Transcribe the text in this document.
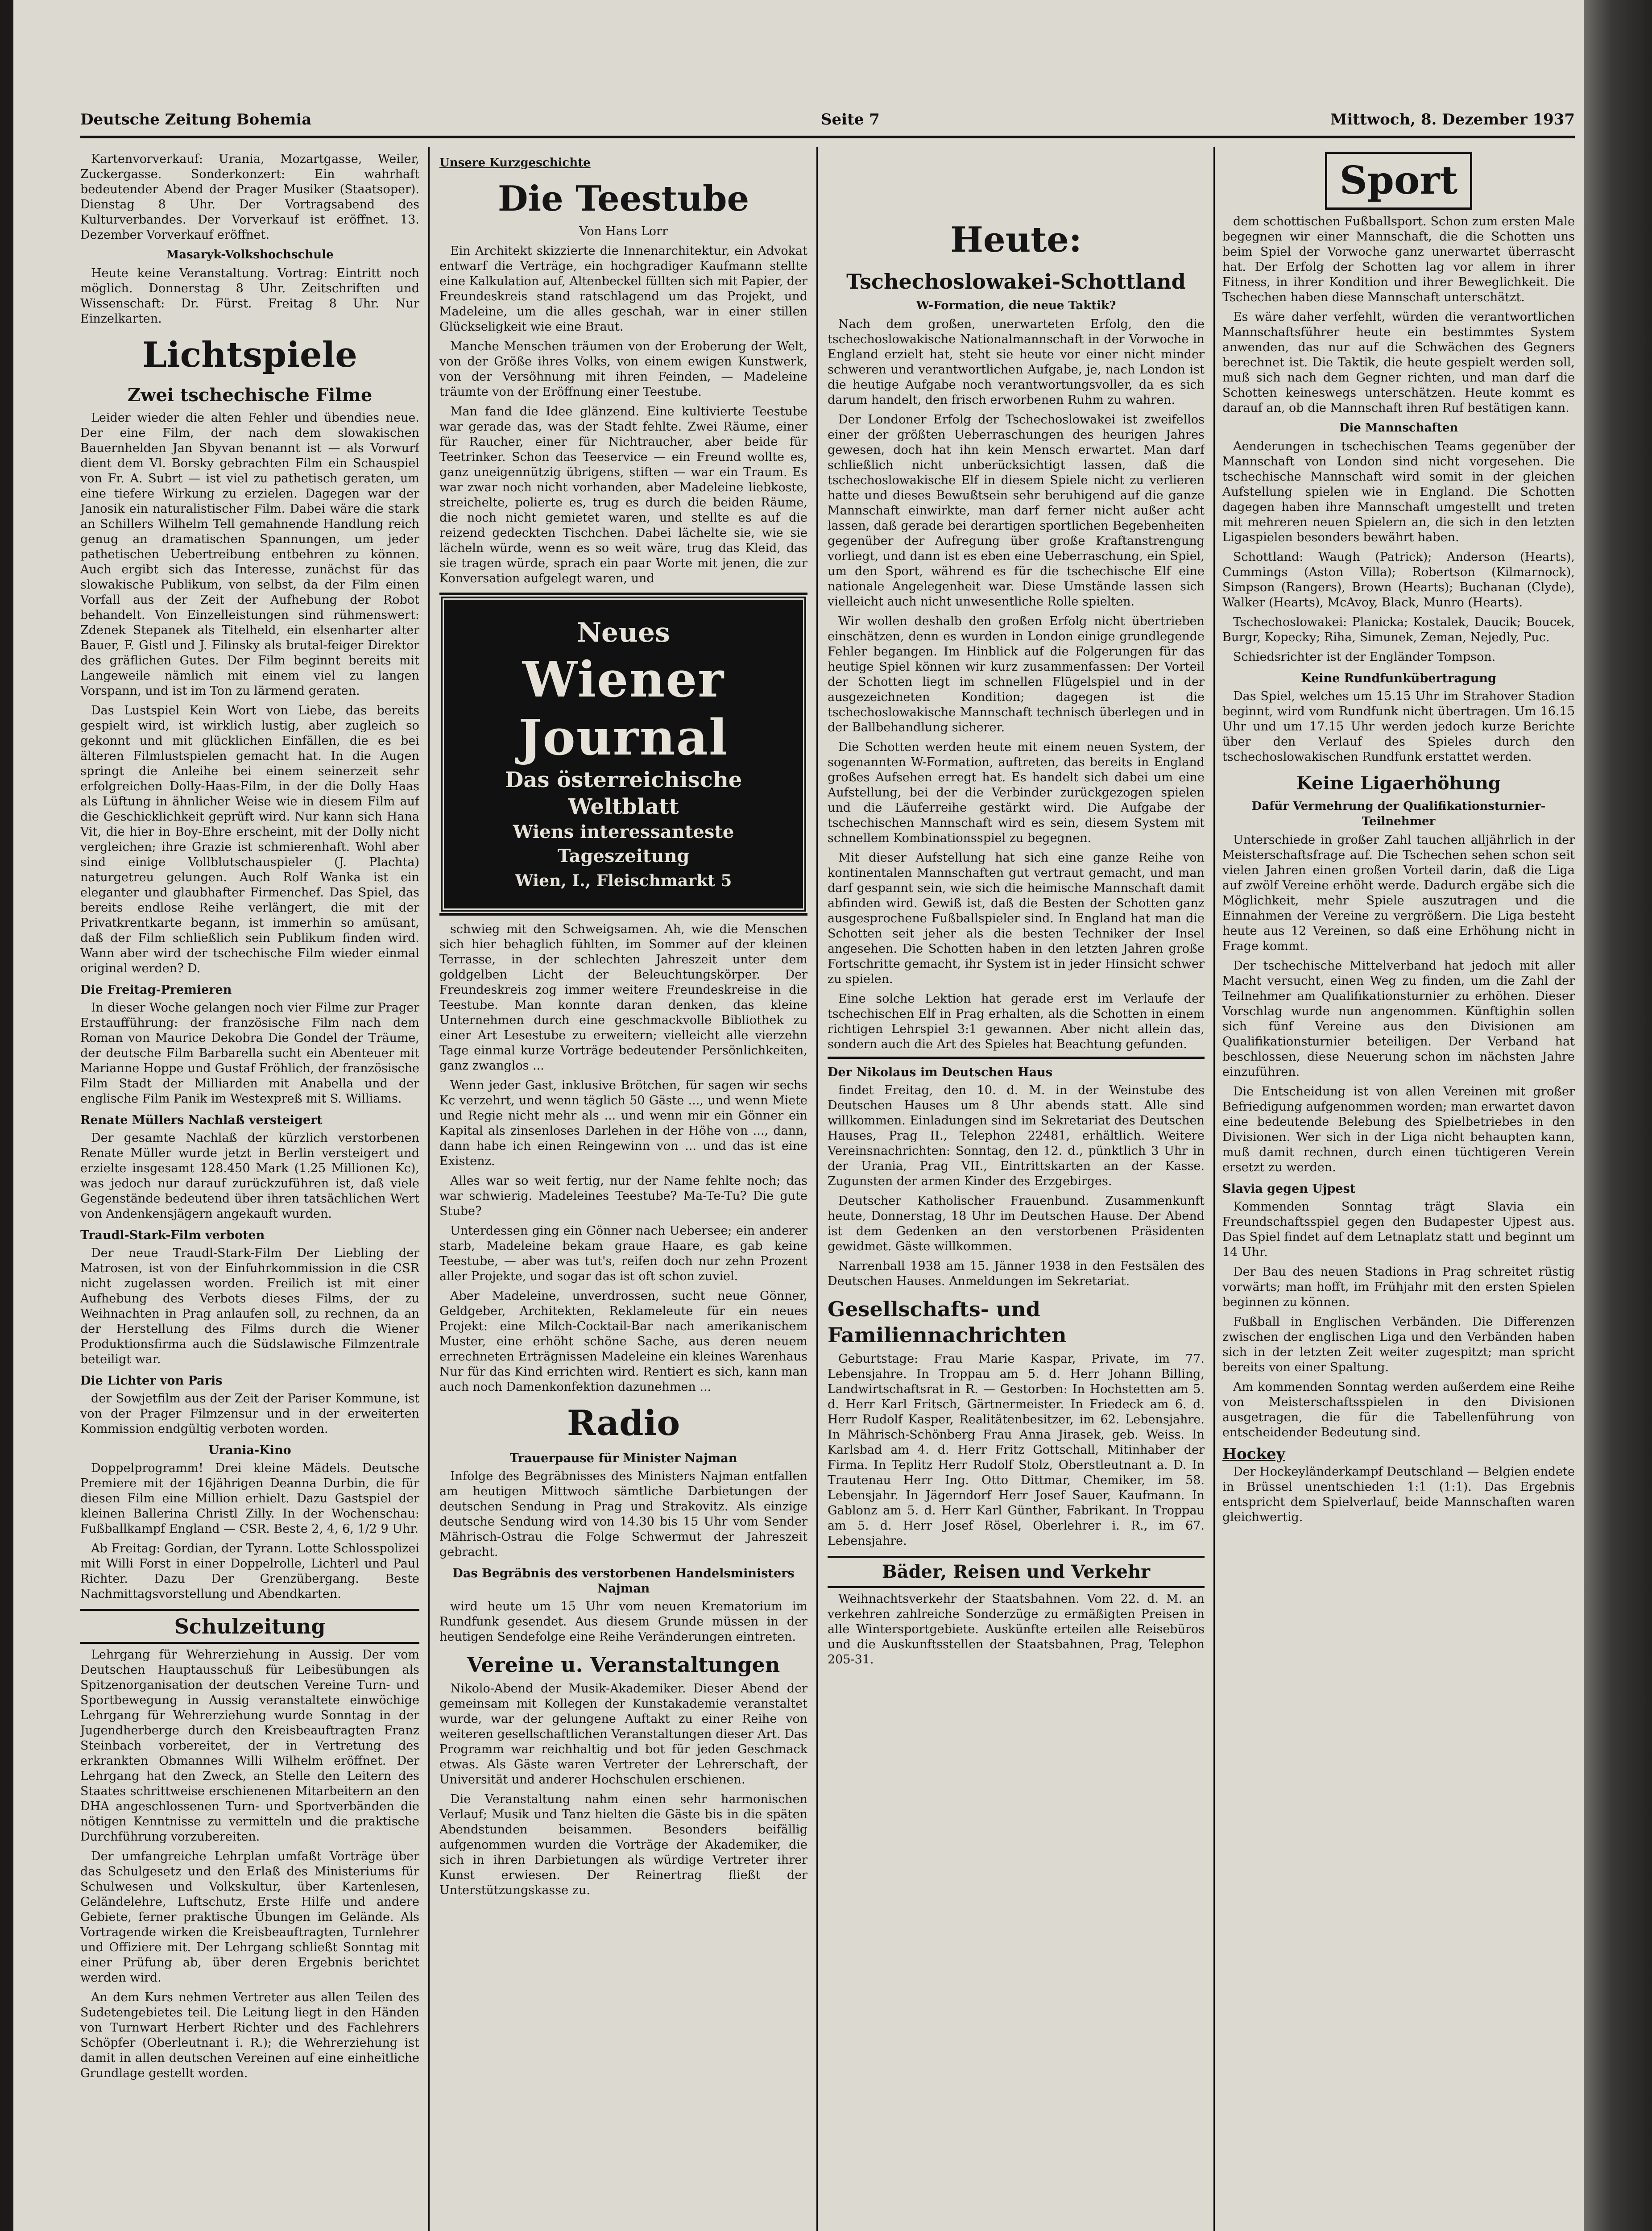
Deutsche Zeitung Bohemia	Seite 7	Mittwoch, 8. Dezember 1937

Kartenvorverkauf: Urania, Mozartgasse, Weiler, Zuckergasse. Sonderkonzert: Ein wahrhaft bedeutender Abend der Prager Musiker (Staatsoper). Dienstag 8 Uhr. Der Vortragsabend des Kulturverbandes. Der Vorverkauf ist eröffnet. 13. Dezember Vorverkauf eröffnet.

Masaryk-Volkshochschule

Heute keine Veranstaltung. Vortrag: Eintritt noch möglich. Donnerstag 8 Uhr. Zeitschriften und Wissenschaft: Dr. Fürst. Freitag 8 Uhr. Nur Einzelkarten.

Lichtspiele
Zwei tschechische Filme

Leider wieder die alten Fehler und übendies neue. Der eine Film, der nach dem slowakischen Bauernhelden Jan Sbyvan benannt ist — als Vorwurf dient dem Vl. Borsky gebrachten Film ein Schauspiel von Fr. A. Subrt — ist viel zu pathetisch geraten, um eine tiefere Wirkung zu erzielen. Dagegen war der Janosik ein naturalistischer Film. Dabei wäre die stark an Schillers Wilhelm Tell gemahnende Handlung reich genug an dramatischen Spannungen, um jeder pathetischen Uebertreibung entbehren zu können. Auch ergibt sich das Interesse, zunächst für das slowakische Publikum, von selbst, da der Film einen Vorfall aus der Zeit der Aufhebung der Robot behandelt. Von Einzelleistungen sind rühmenswert: Zdenek Stepanek als Titelheld, ein elsenharter alter Bauer, F. Gistl und J. Filinsky als brutal-feiger Direktor des gräflichen Gutes. Der Film beginnt bereits mit Langeweile nämlich mit einem viel zu langen Vorspann, und ist im Ton zu lärmend geraten.

Das Lustspiel Kein Wort von Liebe, das bereits gespielt wird, ist wirklich lustig, aber zugleich so gekonnt und mit glücklichen Einfällen, die es bei älteren Filmlustspielen gemacht hat. In die Augen springt die Anleihe bei einem seinerzeit sehr erfolgreichen Dolly-Haas-Film, in der die Dolly Haas als Lüftung in ähnlicher Weise wie in diesem Film auf die Geschicklichkeit geprüft wird. Nur kann sich Hana Vit, die hier in Boy-Ehre erscheint, mit der Dolly nicht vergleichen; ihre Grazie ist schmierenhaft. Wohl aber sind einige Vollblutschauspieler (J. Plachta) naturgetreu gelungen. Auch Rolf Wanka ist ein eleganter und glaubhafter Firmenchef. Das Spiel, das bereits endlose Reihe verlängert, die mit der Privatkrentkarte begann, ist immerhin so amüsant, daß der Film schließlich sein Publikum finden wird. Wann aber wird der tschechische Film wieder einmal original werden? D.

Die Freitag-Premieren

In dieser Woche gelangen noch vier Filme zur Prager Erstaufführung: der französische Film nach dem Roman von Maurice Dekobra Die Gondel der Träume, der deutsche Film Barbarella sucht ein Abenteuer mit Marianne Hoppe und Gustaf Fröhlich, der französische Film Stadt der Milliarden mit Anabella und der englische Film Panik im Westexpreß mit S. Williams.

Renate Müllers Nachlaß versteigert

Der gesamte Nachlaß der kürzlich verstorbenen Renate Müller wurde jetzt in Berlin versteigert und erzielte insgesamt 128.450 Mark (1.25 Millionen Kc), was jedoch nur darauf zurückzuführen ist, daß viele Gegenstände bedeutend über ihren tatsächlichen Wert von Andenkensjägern angekauft wurden.

Traudl-Stark-Film verboten

Der neue Traudl-Stark-Film Der Liebling der Matrosen, ist von der Einfuhrkommission in die CSR nicht zugelassen worden. Freilich ist mit einer Aufhebung des Verbots dieses Films, der zu Weihnachten in Prag anlaufen soll, zu rechnen, da an der Herstellung des Films durch die Wiener Produktionsfirma auch die Südslawische Filmzentrale beteiligt war.

Die Lichter von Paris

der Sowjetfilm aus der Zeit der Pariser Kommune, ist von der Prager Filmzensur und in der erweiterten Kommission endgültig verboten worden.

Urania-Kino

Doppelprogramm! Drei kleine Mädels. Deutsche Premiere mit der 16jährigen Deanna Durbin, die für diesen Film eine Million erhielt. Dazu Gastspiel der kleinen Ballerina Christl Zilly. In der Wochenschau: Fußballkampf England — CSR. Beste 2, 4, 6, 1/2 9 Uhr.

Ab Freitag: Gordian, der Tyrann. Lotte Schlosspolizei mit Willi Forst in einer Doppelrolle, Lichterl und Paul Richter. Dazu Der Grenzübergang. Beste Nachmittagsvorstellung und Abendkarten.

Schulzeitung

Lehrgang für Wehrerziehung in Aussig. Der vom Deutschen Hauptausschuß für Leibesübungen als Spitzenorganisation der deutschen Vereine Turn- und Sportbewegung in Aussig veranstaltete einwöchige Lehrgang für Wehrerziehung wurde Sonntag in der Jugendherberge durch den Kreisbeauftragten Franz Steinbach vorbereitet, der in Vertretung des erkrankten Obmannes Willi Wilhelm eröffnet. Der Lehrgang hat den Zweck, an Stelle den Leitern des Staates schrittweise erschienenen Mitarbeitern an den DHA angeschlossenen Turn- und Sportverbänden die nötigen Kenntnisse zu vermitteln und die praktische Durchführung vorzubereiten.

Der umfangreiche Lehrplan umfaßt Vorträge über das Schulgesetz und den Erlaß des Ministeriums für Schulwesen und Volkskultur, über Kartenlesen, Geländelehre, Luftschutz, Erste Hilfe und andere Gebiete, ferner praktische Übungen im Gelände. Als Vortragende wirken die Kreisbeauftragten, Turnlehrer und Offiziere mit. Der Lehrgang schließt Sonntag mit einer Prüfung ab, über deren Ergebnis berichtet werden wird.

An dem Kurs nehmen Vertreter aus allen Teilen des Sudetengebietes teil. Die Leitung liegt in den Händen von Turnwart Herbert Richter und des Fachlehrers Schöpfer (Oberleutnant i. R.); die Wehrerziehung ist damit in allen deutschen Vereinen auf eine einheitliche Grundlage gestellt worden.

Unsere Kurzgeschichte
Die Teestube

Von Hans Lorr

Ein Architekt skizzierte die Innenarchitektur, ein Advokat entwarf die Verträge, ein hochgradiger Kaufmann stellte eine Kalkulation auf, Altenbeckel füllten sich mit Papier, der Freundeskreis stand ratschlagend um das Projekt, und Madeleine, um die alles geschah, war in einer stillen Glückseligkeit wie eine Braut.

Manche Menschen träumen von der Eroberung der Welt, von der Größe ihres Volks, von einem ewigen Kunstwerk, von der Versöhnung mit ihren Feinden, — Madeleine träumte von der Eröffnung einer Teestube.

Man fand die Idee glänzend. Eine kultivierte Teestube war gerade das, was der Stadt fehlte. Zwei Räume, einer für Raucher, einer für Nichtraucher, aber beide für Teetrinker. Schon das Teeservice — ein Freund wollte es, ganz uneigennützig übrigens, stiften — war ein Traum. Es war zwar noch nicht vorhanden, aber Madeleine liebkoste, streichelte, polierte es, trug es durch die beiden Räume, die noch nicht gemietet waren, und stellte es auf die reizend gedeckten Tischchen. Dabei lächelte sie, wie sie lächeln würde, wenn es so weit wäre, trug das Kleid, das sie tragen würde, sprach ein paar Worte mit jenen, die zur Konversation aufgelegt waren, und

Neues
Wiener Journal
Das österreichische Weltblatt
Wiens interessanteste Tageszeitung
Wien, I., Fleischmarkt 5

schwieg mit den Schweigsamen. Ah, wie die Menschen sich hier behaglich fühlten, im Sommer auf der kleinen Terrasse, in der schlechten Jahreszeit unter dem goldgelben Licht der Beleuchtungskörper. Der Freundeskreis zog immer weitere Freundeskreise in die Teestube. Man konnte daran denken, das kleine Unternehmen durch eine geschmackvolle Bibliothek zu einer Art Lesestube zu erweitern; vielleicht alle vierzehn Tage einmal kurze Vorträge bedeutender Persönlichkeiten, ganz zwanglos ...

Wenn jeder Gast, inklusive Brötchen, für sagen wir sechs Kc verzehrt, und wenn täglich 50 Gäste ..., und wenn Miete und Regie nicht mehr als ... und wenn mir ein Gönner ein Kapital als zinsenloses Darlehen in der Höhe von ..., dann, dann habe ich einen Reingewinn von ... und das ist eine Existenz.

Alles war so weit fertig, nur der Name fehlte noch; das war schwierig. Madeleines Teestube? Ma-Te-Tu? Die gute Stube?

Unterdessen ging ein Gönner nach Uebersee; ein anderer starb, Madeleine bekam graue Haare, es gab keine Teestube, — aber was tut's, reifen doch nur zehn Prozent aller Projekte, und sogar das ist oft schon zuviel.

Aber Madeleine, unverdrossen, sucht neue Gönner, Geldgeber, Architekten, Reklameleute für ein neues Projekt: eine Milch-Cocktail-Bar nach amerikanischem Muster, eine erhöht schöne Sache, aus deren neuem errechneten Erträgnissen Madeleine ein kleines Warenhaus Nur für das Kind errichten wird. Rentiert es sich, kann man auch noch Damenkonfektion dazunehmen ...

Radio
Trauerpause für Minister Najman

Infolge des Begräbnisses des Ministers Najman entfallen am heutigen Mittwoch sämtliche Darbietungen der deutschen Sendung in Prag und Strakovitz. Als einzige deutsche Sendung wird von 14.30 bis 15 Uhr vom Sender Mährisch-Ostrau die Folge Schwermut der Jahreszeit gebracht.

Das Begräbnis des verstorbenen Handelsministers Najman

wird heute um 15 Uhr vom neuen Krematorium im Rundfunk gesendet. Aus diesem Grunde müssen in der heutigen Sendefolge eine Reihe Veränderungen eintreten.

Vereine u. Veranstaltungen

Nikolo-Abend der Musik-Akademiker. Dieser Abend der gemeinsam mit Kollegen der Kunstakademie veranstaltet wurde, war der gelungene Auftakt zu einer Reihe von weiteren gesellschaftlichen Veranstaltungen dieser Art. Das Programm war reichhaltig und bot für jeden Geschmack etwas. Als Gäste waren Vertreter der Lehrerschaft, der Universität und anderer Hochschulen erschienen.

Die Veranstaltung nahm einen sehr harmonischen Verlauf; Musik und Tanz hielten die Gäste bis in die späten Abendstunden beisammen. Besonders beifällig aufgenommen wurden die Vorträge der Akademiker, die sich in ihren Darbietungen als würdige Vertreter ihrer Kunst erwiesen. Der Reinertrag fließt der Unterstützungskasse zu.

Heute:
Tschechoslowakei-Schottland
W-Formation, die neue Taktik?

Nach dem großen, unerwarteten Erfolg, den die tschechoslowakische Nationalmannschaft in der Vorwoche in England erzielt hat, steht sie heute vor einer nicht minder schweren und verantwortlichen Aufgabe, je, nach London ist die heutige Aufgabe noch verantwortungsvoller, da es sich darum handelt, den frisch erworbenen Ruhm zu wahren.

Der Londoner Erfolg der Tschechoslowakei ist zweifellos einer der größten Ueberraschungen des heurigen Jahres gewesen, doch hat ihn kein Mensch erwartet. Man darf schließlich nicht unberücksichtigt lassen, daß die tschechoslowakische Elf in diesem Spiele nicht zu verlieren hatte und dieses Bewußtsein sehr beruhigend auf die ganze Mannschaft einwirkte, man darf ferner nicht außer acht lassen, daß gerade bei derartigen sportlichen Begebenheiten gegenüber der Aufregung über große Kraftanstrengung vorliegt, und dann ist es eben eine Ueberraschung, ein Spiel, um den Sport, während es für die tschechische Elf eine nationale Angelegenheit war. Diese Umstände lassen sich vielleicht auch nicht unwesentliche Rolle spielten.

Wir wollen deshalb den großen Erfolg nicht übertrieben einschätzen, denn es wurden in London einige grundlegende Fehler begangen. Im Hinblick auf die Folgerungen für das heutige Spiel können wir kurz zusammenfassen: Der Vorteil der Schotten liegt im schnellen Flügelspiel und in der ausgezeichneten Kondition; dagegen ist die tschechoslowakische Mannschaft technisch überlegen und in der Ballbehandlung sicherer.

Die Schotten werden heute mit einem neuen System, der sogenannten W-Formation, auftreten, das bereits in England großes Aufsehen erregt hat. Es handelt sich dabei um eine Aufstellung, bei der die Verbinder zurückgezogen spielen und die Läuferreihe gestärkt wird. Die Aufgabe der tschechischen Mannschaft wird es sein, diesem System mit schnellem Kombinationsspiel zu begegnen.

Mit dieser Aufstellung hat sich eine ganze Reihe von kontinentalen Mannschaften gut vertraut gemacht, und man darf gespannt sein, wie sich die heimische Mannschaft damit abfinden wird. Gewiß ist, daß die Besten der Schotten ganz ausgesprochene Fußballspieler sind. In England hat man die Schotten seit jeher als die besten Techniker der Insel angesehen. Die Schotten haben in den letzten Jahren große Fortschritte gemacht, ihr System ist in jeder Hinsicht schwer zu spielen.

Eine solche Lektion hat gerade erst im Verlaufe der tschechischen Elf in Prag erhalten, als die Schotten in einem richtigen Lehrspiel 3:1 gewannen. Aber nicht allein das, sondern auch die Art des Spieles hat Beachtung gefunden.

Der Nikolaus im Deutschen Haus

findet Freitag, den 10. d. M. in der Weinstube des Deutschen Hauses um 8 Uhr abends statt. Alle sind willkommen. Einladungen sind im Sekretariat des Deutschen Hauses, Prag II., Telephon 22481, erhältlich. Weitere Vereinsnachrichten: Sonntag, den 12. d., pünktlich 3 Uhr in der Urania, Prag VII., Eintrittskarten an der Kasse. Zugunsten der armen Kinder des Erzgebirges.

Deutscher Katholischer Frauenbund. Zusammenkunft heute, Donnerstag, 18 Uhr im Deutschen Hause. Der Abend ist dem Gedenken an den verstorbenen Präsidenten gewidmet. Gäste willkommen.

Narrenball 1938 am 15. Jänner 1938 in den Festsälen des Deutschen Hauses. Anmeldungen im Sekretariat.

Gesellschafts- und Familiennachrichten

Geburtstage: Frau Marie Kaspar, Private, im 77. Lebensjahre. In Troppau am 5. d. Herr Johann Billing, Landwirtschaftsrat in R. — Gestorben: In Hochstetten am 5. d. Herr Karl Fritsch, Gärtnermeister. In Friedeck am 6. d. Herr Rudolf Kasper, Realitätenbesitzer, im 62. Lebensjahre. In Mährisch-Schönberg Frau Anna Jirasek, geb. Weiss. In Karlsbad am 4. d. Herr Fritz Gottschall, Mitinhaber der Firma. In Teplitz Herr Rudolf Stolz, Oberstleutnant a. D. In Trautenau Herr Ing. Otto Dittmar, Chemiker, im 58. Lebensjahr. In Jägerndorf Herr Josef Sauer, Kaufmann. In Gablonz am 5. d. Herr Karl Günther, Fabrikant. In Troppau am 5. d. Herr Josef Rösel, Oberlehrer i. R., im 67. Lebensjahre.

Bäder, Reisen und Verkehr

Weihnachtsverkehr der Staatsbahnen. Vom 22. d. M. an verkehren zahlreiche Sonderzüge zu ermäßigten Preisen in alle Wintersportgebiete. Auskünfte erteilen alle Reisebüros und die Auskunftsstellen der Staatsbahnen, Prag, Telephon 205-31.

Sport

dem schottischen Fußballsport. Schon zum ersten Male begegnen wir einer Mannschaft, die die Schotten uns beim Spiel der Vorwoche ganz unerwartet überrascht hat. Der Erfolg der Schotten lag vor allem in ihrer Fitness, in ihrer Kondition und ihrer Beweglichkeit. Die Tschechen haben diese Mannschaft unterschätzt.

Es wäre daher verfehlt, würden die verantwortlichen Mannschaftsführer heute ein bestimmtes System anwenden, das nur auf die Schwächen des Gegners berechnet ist. Die Taktik, die heute gespielt werden soll, muß sich nach dem Gegner richten, und man darf die Schotten keineswegs unterschätzen. Heute kommt es darauf an, ob die Mannschaft ihren Ruf bestätigen kann.

Die Mannschaften

Aenderungen in tschechischen Teams gegenüber der Mannschaft von London sind nicht vorgesehen. Die tschechische Mannschaft wird somit in der gleichen Aufstellung spielen wie in England. Die Schotten dagegen haben ihre Mannschaft umgestellt und treten mit mehreren neuen Spielern an, die sich in den letzten Ligaspielen besonders bewährt haben.

Schottland: Waugh (Patrick); Anderson (Hearts), Cummings (Aston Villa); Robertson (Kilmarnock), Simpson (Rangers), Brown (Hearts); Buchanan (Clyde), Walker (Hearts), McAvoy, Black, Munro (Hearts).

Tschechoslowakei: Planicka; Kostalek, Daucik; Boucek, Burgr, Kopecky; Riha, Simunek, Zeman, Nejedly, Puc.

Schiedsrichter ist der Engländer Tompson.

Keine Rundfunkübertragung

Das Spiel, welches um 15.15 Uhr im Strahover Stadion beginnt, wird vom Rundfunk nicht übertragen. Um 16.15 Uhr und um 17.15 Uhr werden jedoch kurze Berichte über den Verlauf des Spieles durch den tschechoslowakischen Rundfunk erstattet werden.

Keine Ligaerhöhung
Dafür Vermehrung der Qualifikationsturnier-Teilnehmer

Unterschiede in großer Zahl tauchen alljährlich in der Meisterschaftsfrage auf. Die Tschechen sehen schon seit vielen Jahren einen großen Vorteil darin, daß die Liga auf zwölf Vereine erhöht werde. Dadurch ergäbe sich die Möglichkeit, mehr Spiele auszutragen und die Einnahmen der Vereine zu vergrößern. Die Liga besteht heute aus 12 Vereinen, so daß eine Erhöhung nicht in Frage kommt.

Der tschechische Mittelverband hat jedoch mit aller Macht versucht, einen Weg zu finden, um die Zahl der Teilnehmer am Qualifikationsturnier zu erhöhen. Dieser Vorschlag wurde nun angenommen. Künftighin sollen sich fünf Vereine aus den Divisionen am Qualifikationsturnier beteiligen. Der Verband hat beschlossen, diese Neuerung schon im nächsten Jahre einzuführen.

Die Entscheidung ist von allen Vereinen mit großer Befriedigung aufgenommen worden; man erwartet davon eine bedeutende Belebung des Spielbetriebes in den Divisionen. Wer sich in der Liga nicht behaupten kann, muß damit rechnen, durch einen tüchtigeren Verein ersetzt zu werden.

Slavia gegen Ujpest

Kommenden Sonntag trägt Slavia ein Freundschaftsspiel gegen den Budapester Ujpest aus. Das Spiel findet auf dem Letnaplatz statt und beginnt um 14 Uhr.

Der Bau des neuen Stadions in Prag schreitet rüstig vorwärts; man hofft, im Frühjahr mit den ersten Spielen beginnen zu können.

Fußball in Englischen Verbänden. Die Differenzen zwischen der englischen Liga und den Verbänden haben sich in der letzten Zeit weiter zugespitzt; man spricht bereits von einer Spaltung.

Am kommenden Sonntag werden außerdem eine Reihe von Meisterschaftsspielen in den Divisionen ausgetragen, die für die Tabellenführung von entscheidender Bedeutung sind.

Hockey

Der Hockeyländerkampf Deutschland — Belgien endete in Brüssel unentschieden 1:1 (1:1). Das Ergebnis entspricht dem Spielverlauf, beide Mannschaften waren gleichwertig.
